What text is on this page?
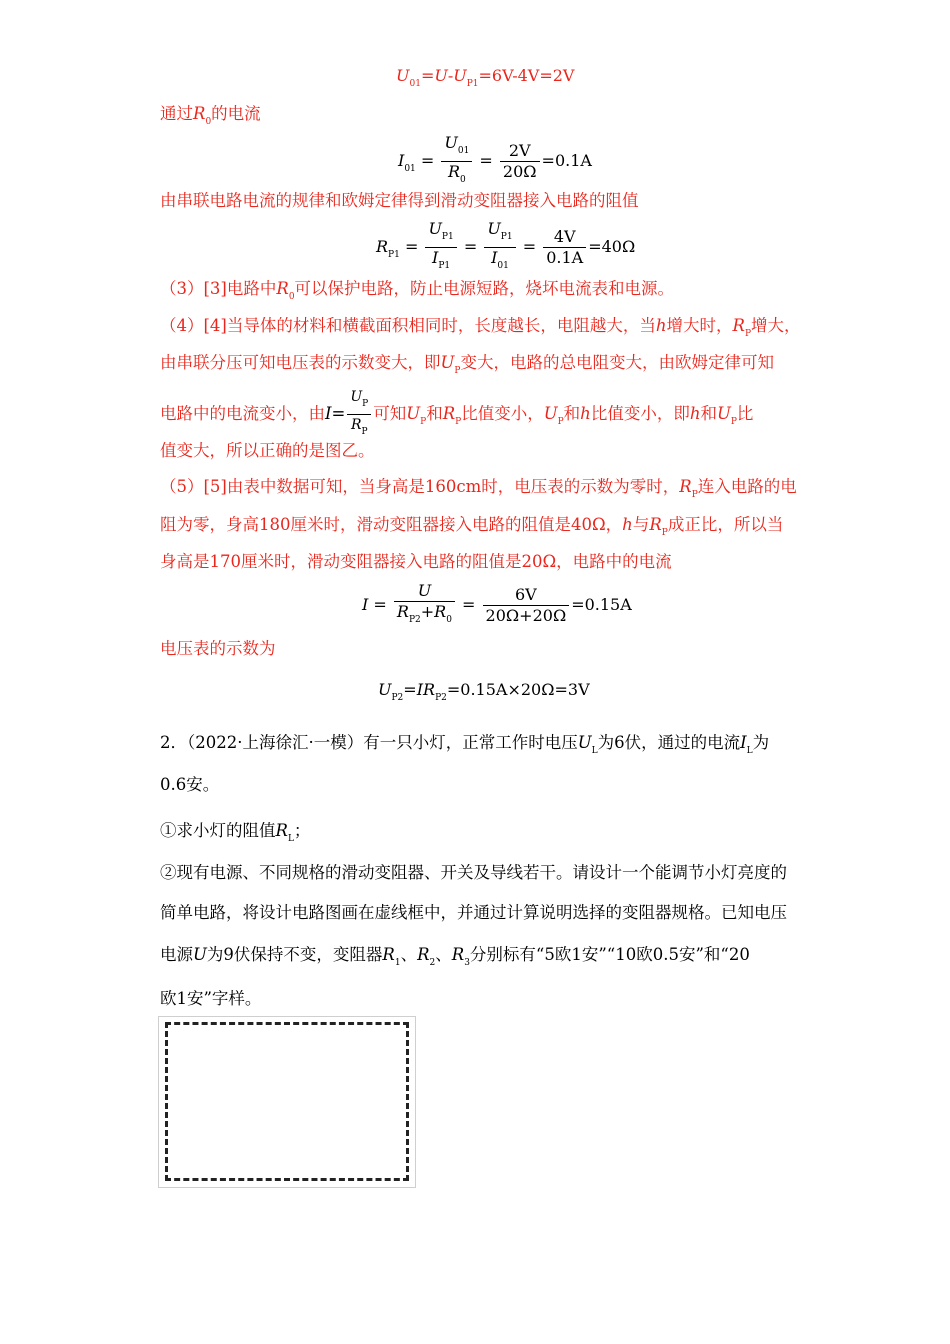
$U_{01}=U-U_{P1}=6V-4V=2V$
通过$R_0$的电流
$I_{01} = \frac{U_{01}}{R_0} = \frac{2V}{20\Omega} =0.1A$
由串联电路电流的规律和欧姆定律得到滑动变阻器接入电路的阻值
$R_{P1} = \frac{U_{P1}}{I_{P1}} = \frac{U_{P1}}{I_{01}} = \frac{4V}{0.1A} =40\Omega$
（3）[3]电路中$R_0$可以保护电路，防止电源短路，烧坏电流表和电源。
（4）[4]当导体的材料和横截面积相同时，长度越长，电阻越大，当h增大时，$R_P$增大，
由串联分压可知电压表的示数变大，即$U_P$变大，电路的总电阻变大，由欧姆定律可知
电路中的电流变小，由$I= \frac{U_P}{R_P}$ 可知$U_P$和$R_P$比值变小，$U_P$和h比值变小，即h和$U_P$比
值变大，所以正确的是图乙。
（5）[5]由表中数据可知，当身高是160cm时，电压表的示数为零时，$R_P$连入电路的电
阻为零，身高180厘米时，滑动变阻器接入电路的阻值是40Ω，h与$R_P$成正比，所以当
身高是170厘米时，滑动变阻器接入电路的阻值是20Ω，电路中的电流
$I = \frac{U}{R_{P2}+R_0} = \frac{6V}{20\Omega+20\Omega} =0.15A$
电压表的示数为
$U_{P2}=IR_{P2}=0.15A\times 20\Omega=3V$
2．（2022·上海徐汇·一模）有一只小灯，正常工作时电压$U_L$为6伏，通过的电流$I_L$为
0.6安。
①求小灯的阻值$R_L$；
②现有电源、不同规格的滑动变阻器、开关及导线若干。请设计一个能调节小灯亮度的
简单电路，将设计电路图画在虚线框中，并通过计算说明选择的变阻器规格。已知电压
电源U为9伏保持不变，变阻器$R_1$、$R_2$、$R_3$分别标有“5欧1安”“10欧0.5安”和“20
欧1安”字样。
